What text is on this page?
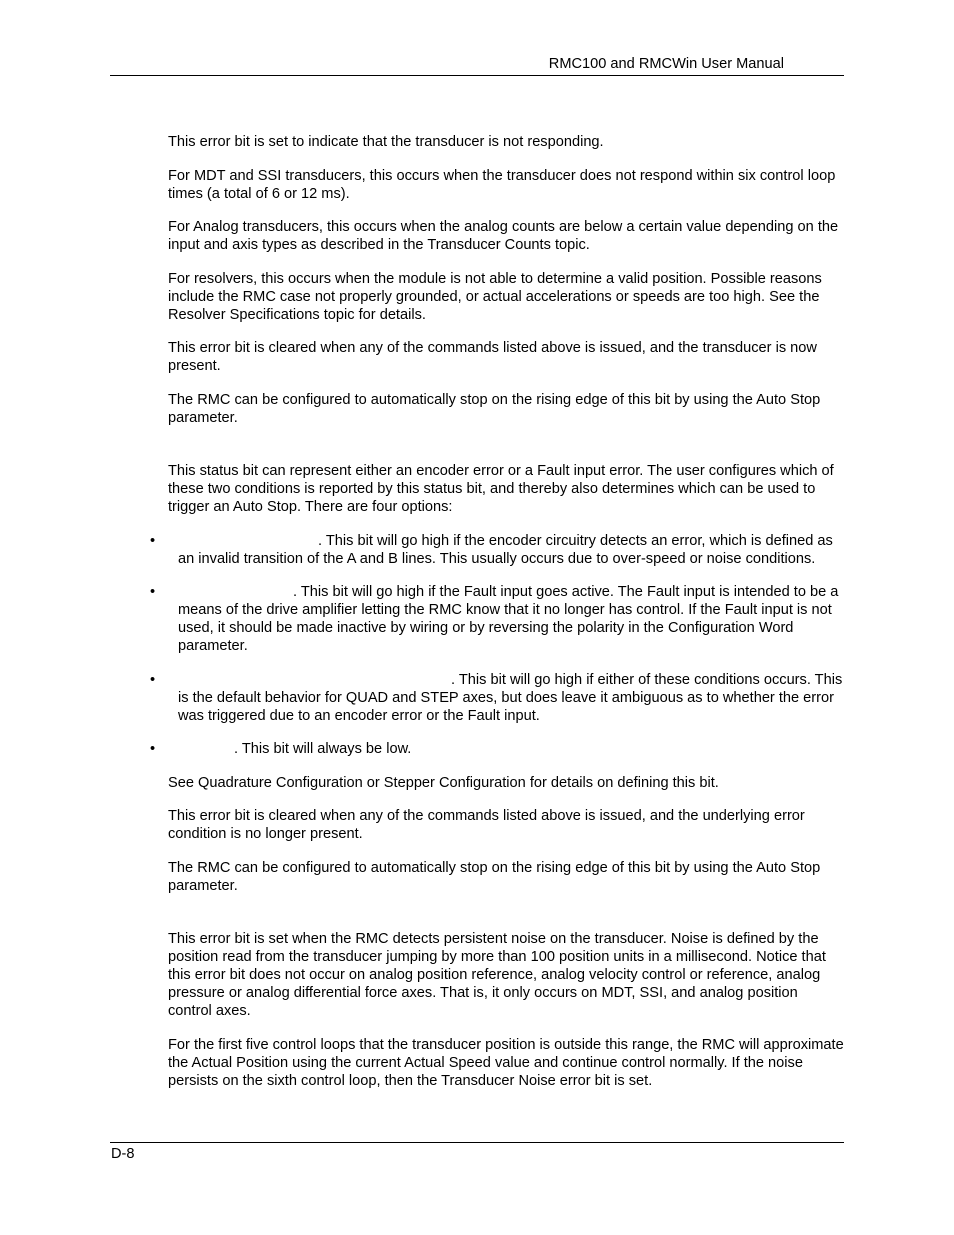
RMC100 and RMCWin User Manual

This error bit is set to indicate that the transducer is not responding.

For MDT and SSI transducers, this occurs when the transducer does not respond within six control loop times (a total of 6 or 12 ms).

For Analog transducers, this occurs when the analog counts are below a certain value depending on the input and axis types as described in the Transducer Counts topic.

For resolvers, this occurs when the module is not able to determine a valid position. Possible reasons include the RMC case not properly grounded, or actual accelerations or speeds are too high. See the Resolver Specifications topic for details.

This error bit is cleared when any of the commands listed above is issued, and the transducer is now present.

The RMC can be configured to automatically stop on the rising edge of this bit by using the Auto Stop parameter.

This status bit can represent either an encoder error or a Fault input error. The user configures which of these two conditions is reported by this status bit, and thereby also determines which can be used to trigger an Auto Stop. There are four options:

•	. This bit will go high if the encoder circuitry detects an error, which is defined as an invalid transition of the A and B lines. This usually occurs due to over-speed or noise conditions.
•	. This bit will go high if the Fault input goes active. The Fault input is intended to be a means of the drive amplifier letting the RMC know that it no longer has control. If the Fault input is not used, it should be made inactive by wiring or by reversing the polarity in the Configuration Word parameter.
•	. This bit will go high if either of these conditions occurs. This is the default behavior for QUAD and STEP axes, but does leave it ambiguous as to whether the error was triggered due to an encoder error or the Fault input.
•	. This bit will always be low.

See Quadrature Configuration or Stepper Configuration for details on defining this bit.

This error bit is cleared when any of the commands listed above is issued, and the underlying error condition is no longer present.

The RMC can be configured to automatically stop on the rising edge of this bit by using the Auto Stop parameter.

This error bit is set when the RMC detects persistent noise on the transducer. Noise is defined by the position read from the transducer jumping by more than 100 position units in a millisecond. Notice that this error bit does not occur on analog position reference, analog velocity control or reference, analog pressure or analog differential force axes. That is, it only occurs on MDT, SSI, and analog position control axes.

For the first five control loops that the transducer position is outside this range, the RMC will approximate the Actual Position using the current Actual Speed value and continue control normally. If the noise persists on the sixth control loop, then the Transducer Noise error bit is set.

D-8
